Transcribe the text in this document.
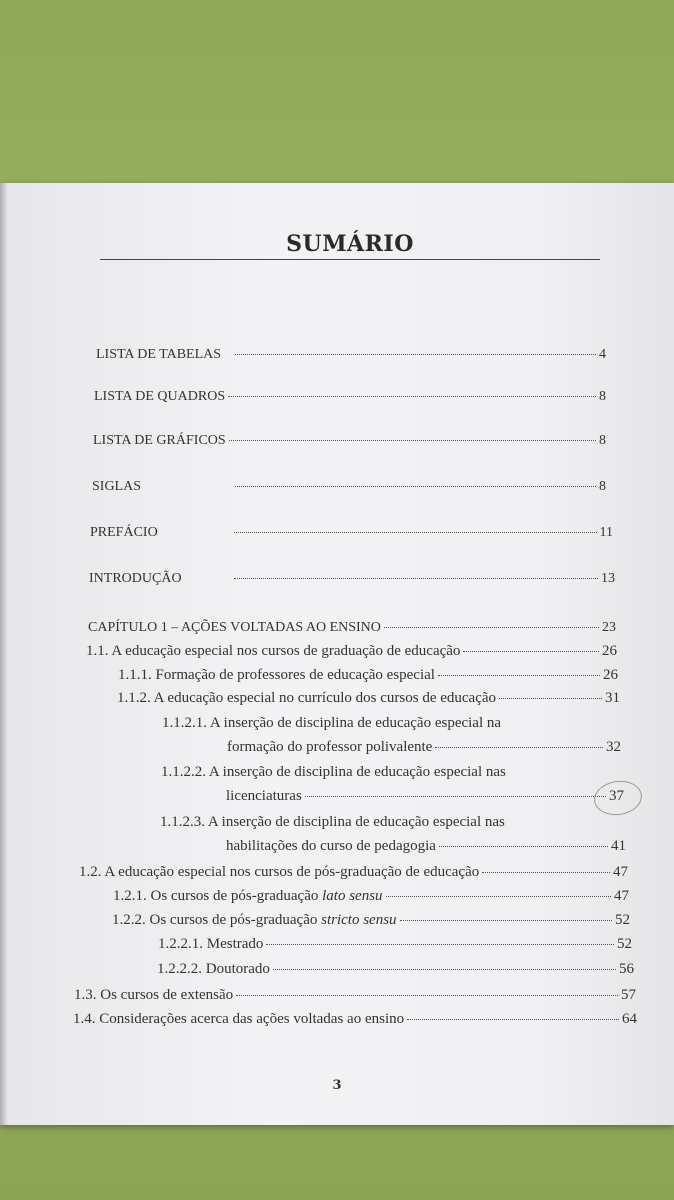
SUMÁRIO
LISTA DE TABELAS	4
LISTA DE QUADROS	8
LISTA DE GRÁFICOS	8
SIGLAS	8
PREFÁCIO	11
INTRODUÇÃO	13
CAPÍTULO 1 – AÇÕES VOLTADAS AO ENSINO	23
1.1. A educação especial nos cursos de graduação de educação	26
1.1.1. Formação de professores de educação especial	26
1.1.2. A educação especial no currículo dos cursos de educação	31
1.1.2.1. A inserção de disciplina de educação especial na
formação do professor polivalente	32
1.1.2.2. A inserção de disciplina de educação especial nas
licenciaturas	37
1.1.2.3. A inserção de disciplina de educação especial nas
habilitações do curso de pedagogia	41
1.2. A educação especial nos cursos de pós-graduação de educação	47
1.2.1. Os cursos de pós-graduação lato sensu	47
1.2.2. Os cursos de pós-graduação stricto sensu	52
1.2.2.1. Mestrado	52
1.2.2.2. Doutorado	56
1.3. Os cursos de extensão	57
1.4. Considerações acerca das ações voltadas ao ensino	64
3
